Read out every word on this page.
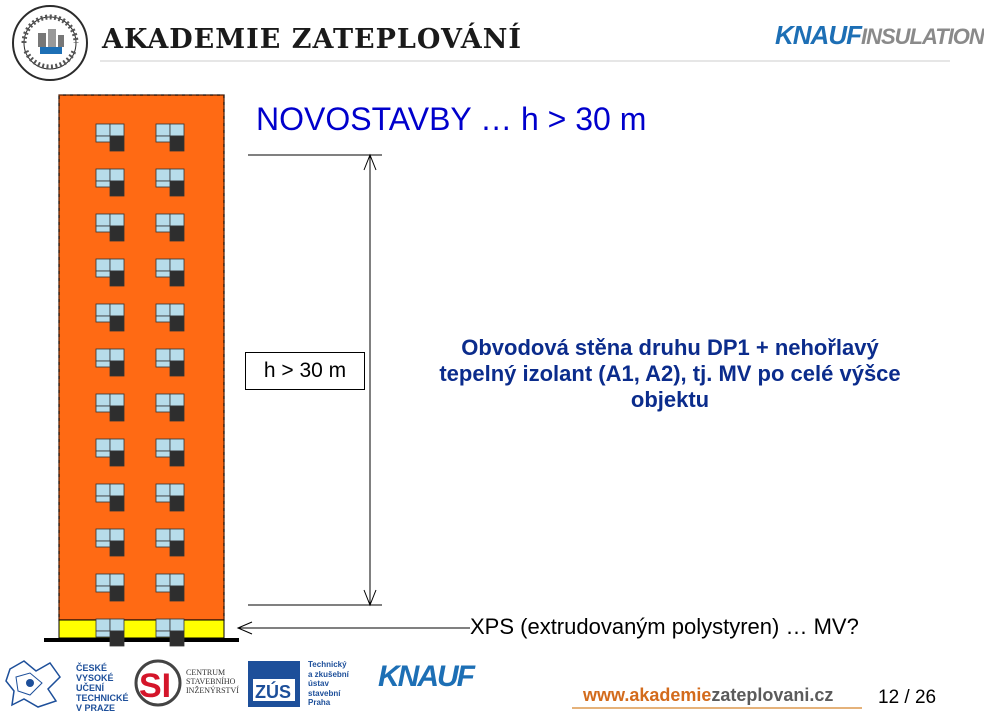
AKADEMIE ZATEPLOVÁNÍ	KNAUFINSULATION
NOVOSTAVBY … h > 30 m
h > 30 m
Obvodová stěna druhu DP1 + nehořlavý tepelný izolant (A1, A2), tj. MV po celé výšce objektu
XPS (extrudovaným polystyren) … MV?
SI	ZÚS
ČESKÉ
VYSOKÉ
UČENÍ
TECHNICKÉ
V PRAZE
CENTRUM
STAVEBNÍHO
INŽENÝRSTVÍ
Technický
a zkušební
ústav
stavební
Praha
KNAUF
www.akademiezateplovani.cz 12 / 26
